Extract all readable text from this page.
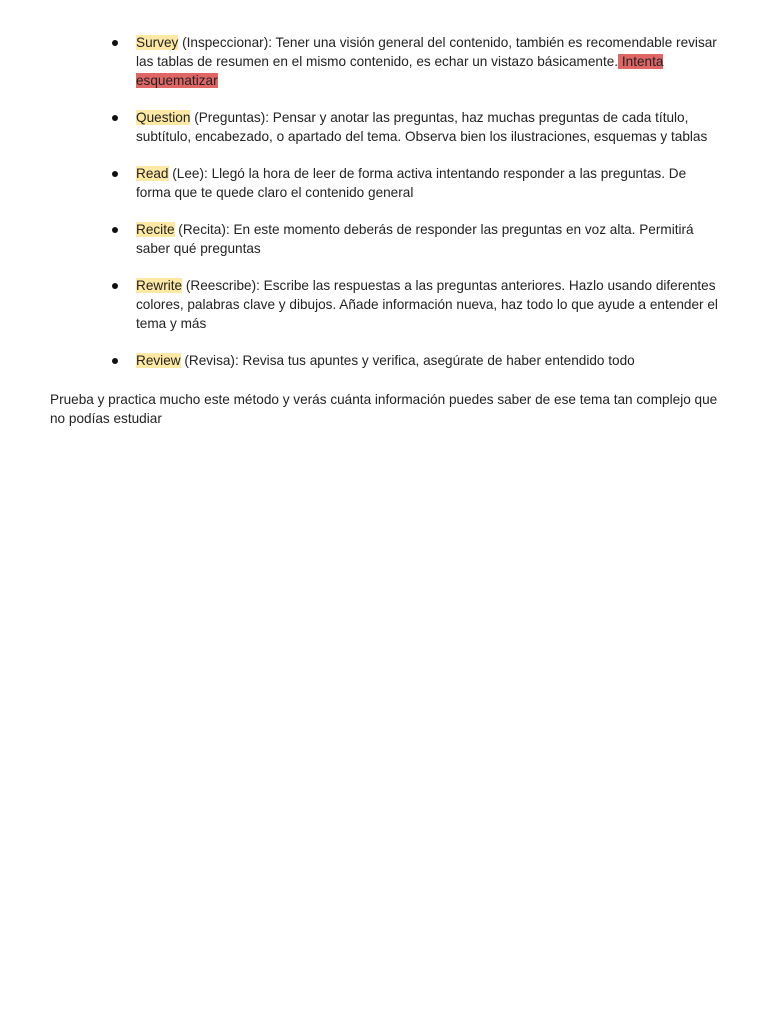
Survey (Inspeccionar): Tener una visión general del contenido, también es recomendable revisar las tablas de resumen en el mismo contenido, es echar un vistazo básicamente. Intenta esquematizar
Question (Preguntas): Pensar y anotar las preguntas, haz muchas preguntas de cada título, subtítulo, encabezado, o apartado del tema. Observa bien los ilustraciones, esquemas y tablas
Read (Lee): Llegó la hora de leer de forma activa intentando responder a las preguntas. De forma que te quede claro el contenido general
Recite (Recita): En este momento deberás de responder las preguntas en voz alta. Permitirá saber qué preguntas
Rewrite (Reescribe): Escribe las respuestas a las preguntas anteriores. Hazlo usando diferentes colores, palabras clave y dibujos. Añade información nueva, haz todo lo que ayude a entender el tema y más
Review (Revisa): Revisa tus apuntes y verifica, asegúrate de haber entendido todo

Prueba y practica mucho este método y verás cuánta información puedes saber de ese tema tan complejo que no podías estudiar
